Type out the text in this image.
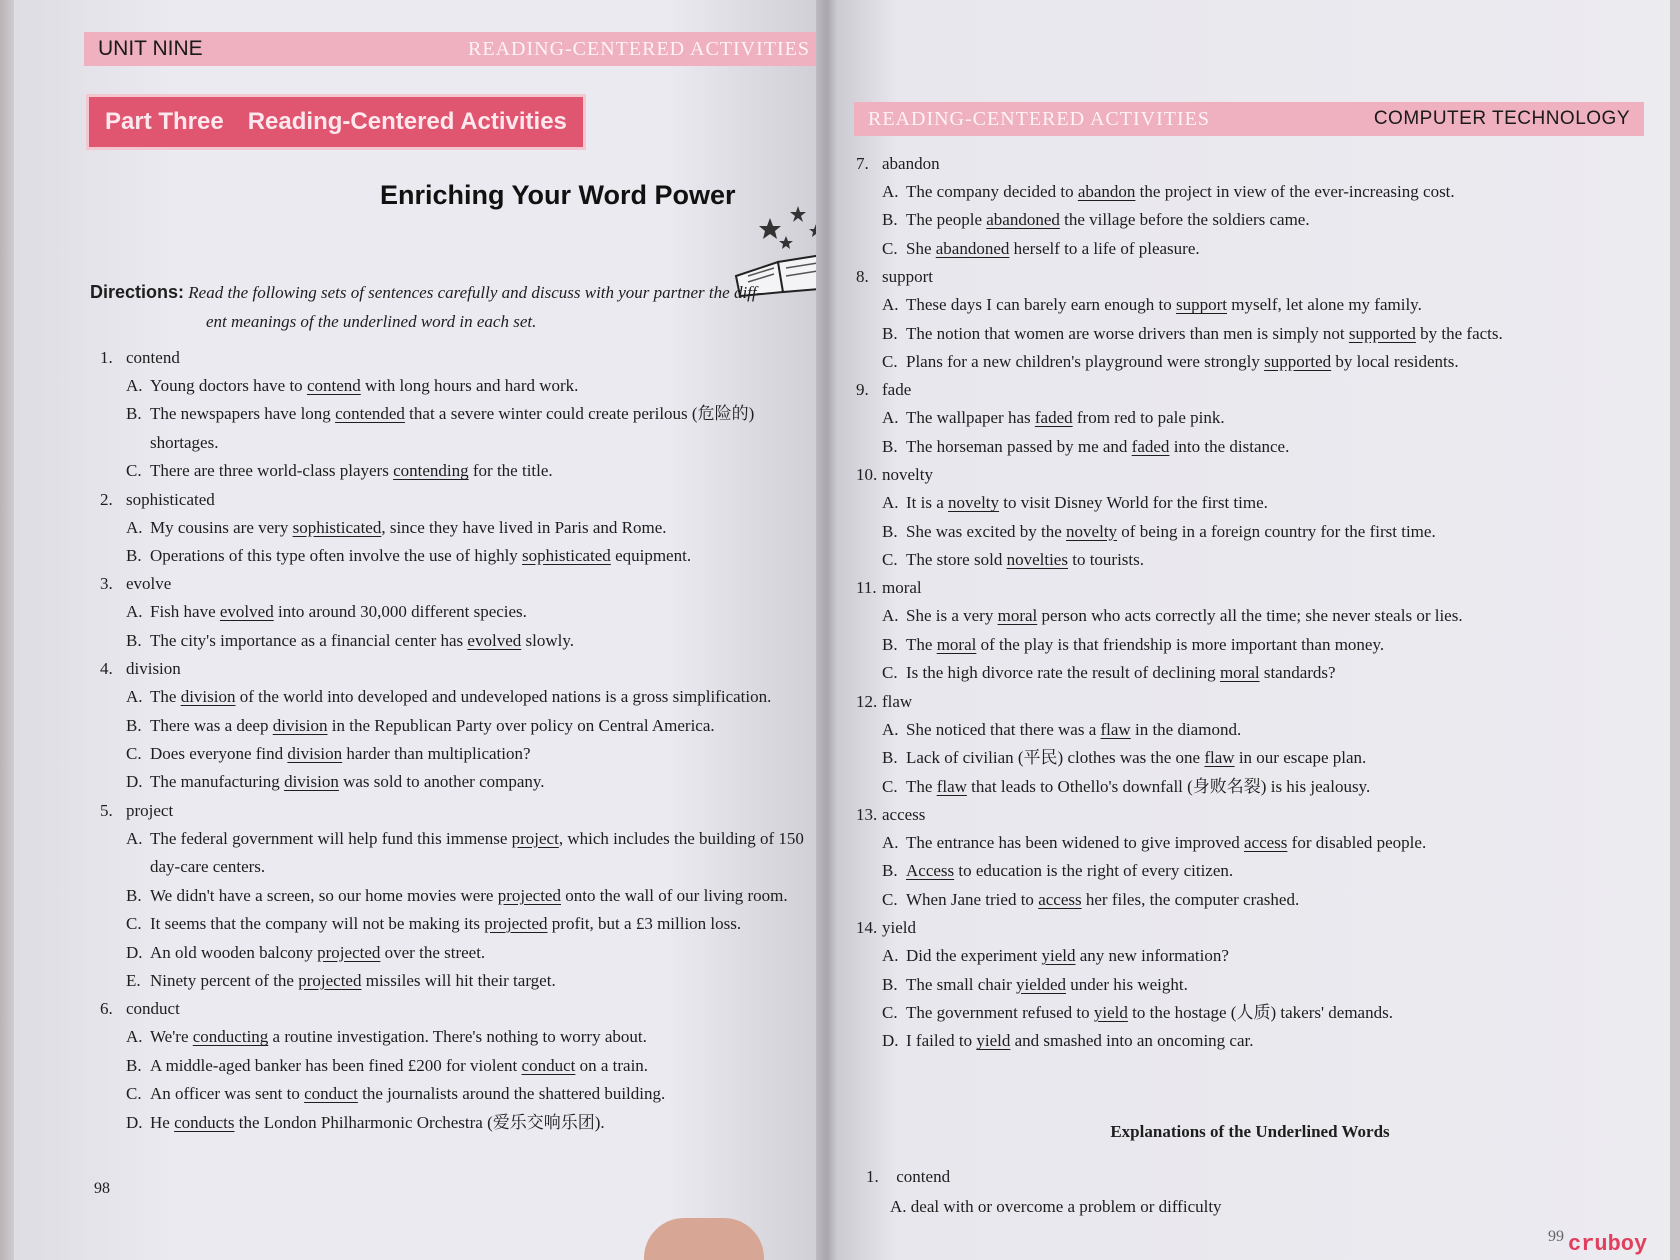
UNIT NINE	READING-CENTERED ACTIVITIES
Part Three Reading-Centered Activities
Enriching Your Word Power
Directions: Read the following sets of sentences carefully and discuss with your partner the diff-
ent meanings of the underlined word in each set.
1. contend
A. Young doctors have to contend with long hours and hard work.
B. The newspapers have long contended that a severe winter could create perilous (危险的) shortages.
C. There are three world-class players contending for the title.
2. sophisticated
A. My cousins are very sophisticated, since they have lived in Paris and Rome.
B. Operations of this type often involve the use of highly sophisticated equipment.
3. evolve
A. Fish have evolved into around 30,000 different species.
B. The city's importance as a financial center has evolved slowly.
4. division
A. The division of the world into developed and undeveloped nations is a gross simplification.
B. There was a deep division in the Republican Party over policy on Central America.
C. Does everyone find division harder than multiplication?
D. The manufacturing division was sold to another company.
5. project
A. The federal government will help fund this immense project, which includes the building of 150 day-care centers.
B. We didn't have a screen, so our home movies were projected onto the wall of our living room.
C. It seems that the company will not be making its projected profit, but a £3 million loss.
D. An old wooden balcony projected over the street.
E. Ninety percent of the projected missiles will hit their target.
6. conduct
A. We're conducting a routine investigation. There's nothing to worry about.
B. A middle-aged banker has been fined £200 for violent conduct on a train.
C. An officer was sent to conduct the journalists around the shattered building.
D. He conducts the London Philharmonic Orchestra (爱乐交响乐团).
98
READING-CENTERED ACTIVITIES	COMPUTER TECHNOLOGY
7. abandon
A. The company decided to abandon the project in view of the ever-increasing cost.
B. The people abandoned the village before the soldiers came.
C. She abandoned herself to a life of pleasure.
8. support
A. These days I can barely earn enough to support myself, let alone my family.
B. The notion that women are worse drivers than men is simply not supported by the facts.
C. Plans for a new children's playground were strongly supported by local residents.
9. fade
A. The wallpaper has faded from red to pale pink.
B. The horseman passed by me and faded into the distance.
10. novelty
A. It is a novelty to visit Disney World for the first time.
B. She was excited by the novelty of being in a foreign country for the first time.
C. The store sold novelties to tourists.
11. moral
A. She is a very moral person who acts correctly all the time; she never steals or lies.
B. The moral of the play is that friendship is more important than money.
C. Is the high divorce rate the result of declining moral standards?
12. flaw
A. She noticed that there was a flaw in the diamond.
B. Lack of civilian (平民) clothes was the one flaw in our escape plan.
C. The flaw that leads to Othello's downfall (身败名裂) is his jealousy.
13. access
A. The entrance has been widened to give improved access for disabled people.
B. Access to education is the right of every citizen.
C. When Jane tried to access her files, the computer crashed.
14. yield
A. Did the experiment yield any new information?
B. The small chair yielded under his weight.
C. The government refused to yield to the hostage (人质) takers' demands.
D. I failed to yield and smashed into an oncoming car.
Explanations of the Underlined Words
1. contend
A. deal with or overcome a problem or difficulty
99 cruboy
